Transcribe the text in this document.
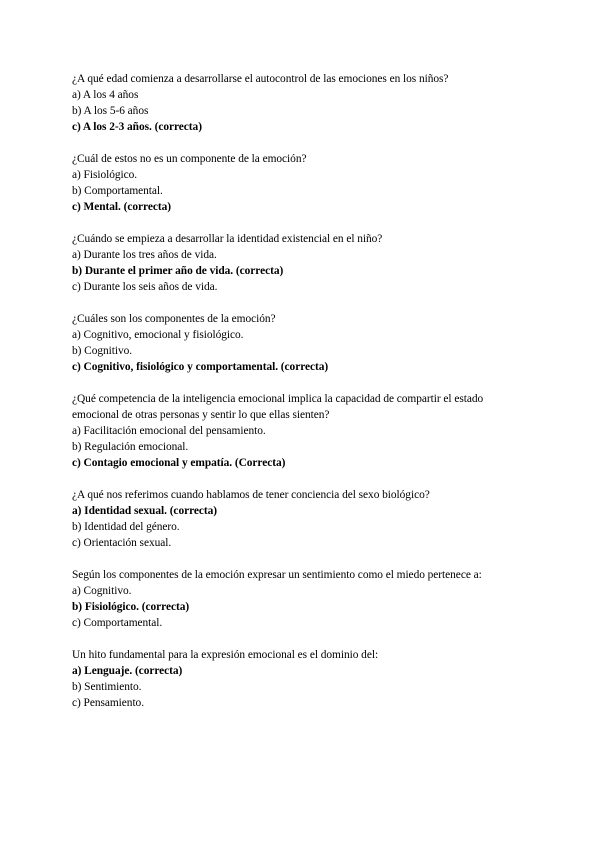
¿A qué edad comienza a desarrollarse el autocontrol de las emociones en los niños?
a) A los 4 años
b) A los 5-6 años
c) A los 2-3 años. (correcta)
¿Cuál de estos no es un componente de la emoción?
a) Fisiológico.
b) Comportamental.
c) Mental. (correcta)
¿Cuándo se empieza a desarrollar la identidad existencial en el niño?
a) Durante los tres años de vida.
b) Durante el primer año de vida. (correcta)
c) Durante los seis años de vida.
¿Cuáles son los componentes de la emoción?
a) Cognitivo, emocional y fisiológico.
b) Cognitivo.
c) Cognitivo, fisiológico y comportamental. (correcta)
¿Qué competencia de la inteligencia emocional implica la capacidad de compartir el estado emocional de otras personas y sentir lo que ellas sienten?
a) Facilitación emocional del pensamiento.
b) Regulación emocional.
c) Contagio emocional y empatía. (Correcta)
¿A qué nos referimos cuando hablamos de tener conciencia del sexo biológico?
a) Identidad sexual. (correcta)
b) Identidad del género.
c) Orientación sexual.
Según los componentes de la emoción expresar un sentimiento como el miedo pertenece a:
a) Cognitivo.
b) Fisiológico. (correcta)
c) Comportamental.
Un hito fundamental para la expresión emocional es el dominio del:
a) Lenguaje. (correcta)
b) Sentimiento.
c) Pensamiento.
